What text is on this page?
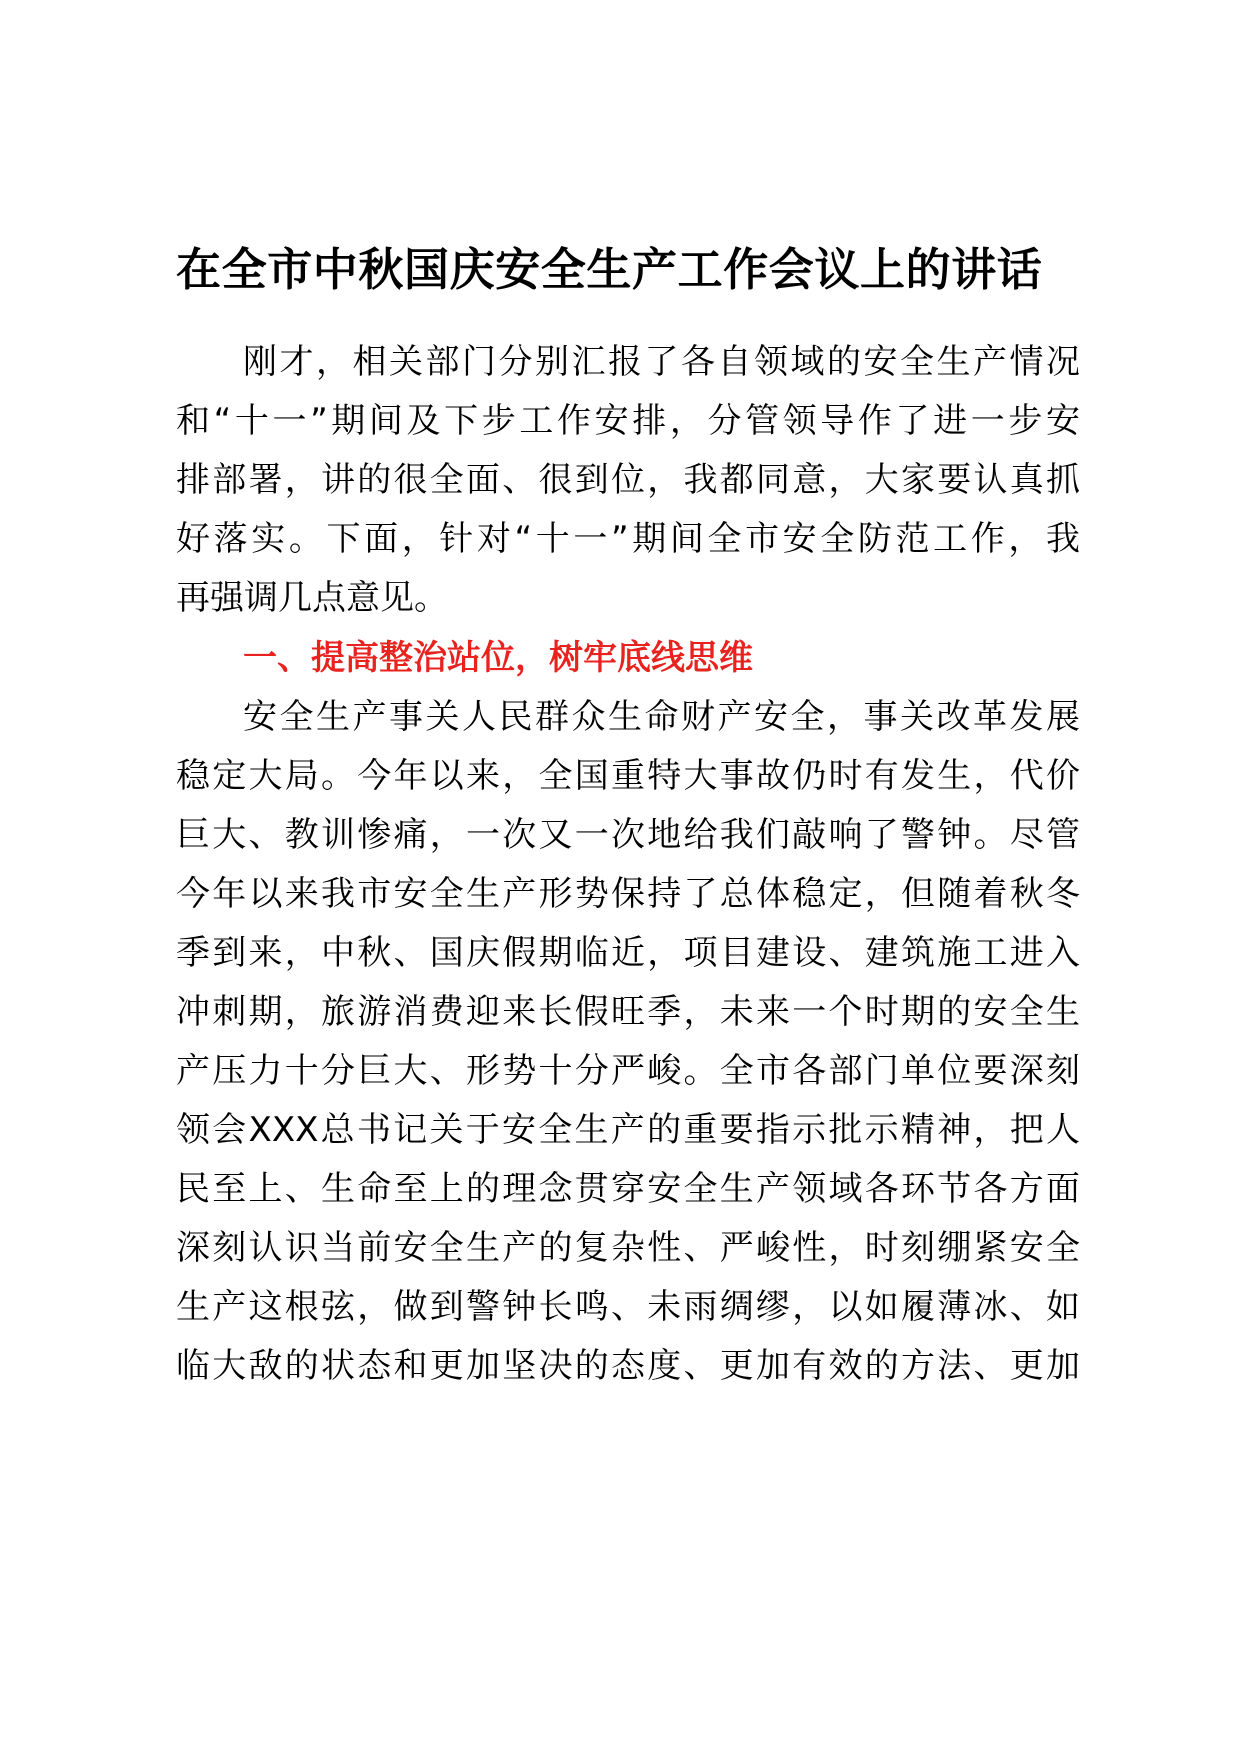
在全市中秋国庆安全生产工作会议上的讲话

刚才，相关部门分别汇报了各自领域的安全生产情况

和“十一”期间及下步工作安排，分管领导作了进一步安

排部署，讲的很全面、很到位，我都同意，大家要认真抓

好落实。下面，针对“十一”期间全市安全防范工作，我

再强调几点意见。

一、提高整治站位，树牢底线思维

安全生产事关人民群众生命财产安全，事关改革发展

稳定大局。今年以来，全国重特大事故仍时有发生，代价

巨大、教训惨痛，一次又一次地给我们敲响了警钟。尽管

今年以来我市安全生产形势保持了总体稳定，但随着秋冬

季到来，中秋、国庆假期临近，项目建设、建筑施工进入

冲刺期，旅游消费迎来长假旺季，未来一个时期的安全生

产压力十分巨大、形势十分严峻。全市各部门单位要深刻

领会XXX总书记关于安全生产的重要指示批示精神，把人

民至上、生命至上的理念贯穿安全生产领域各环节各方面

深刻认识当前安全生产的复杂性、严峻性，时刻绷紧安全

生产这根弦，做到警钟长鸣、未雨绸缪，以如履薄冰、如

临大敌的状态和更加坚决的态度、更加有效的方法、更加
